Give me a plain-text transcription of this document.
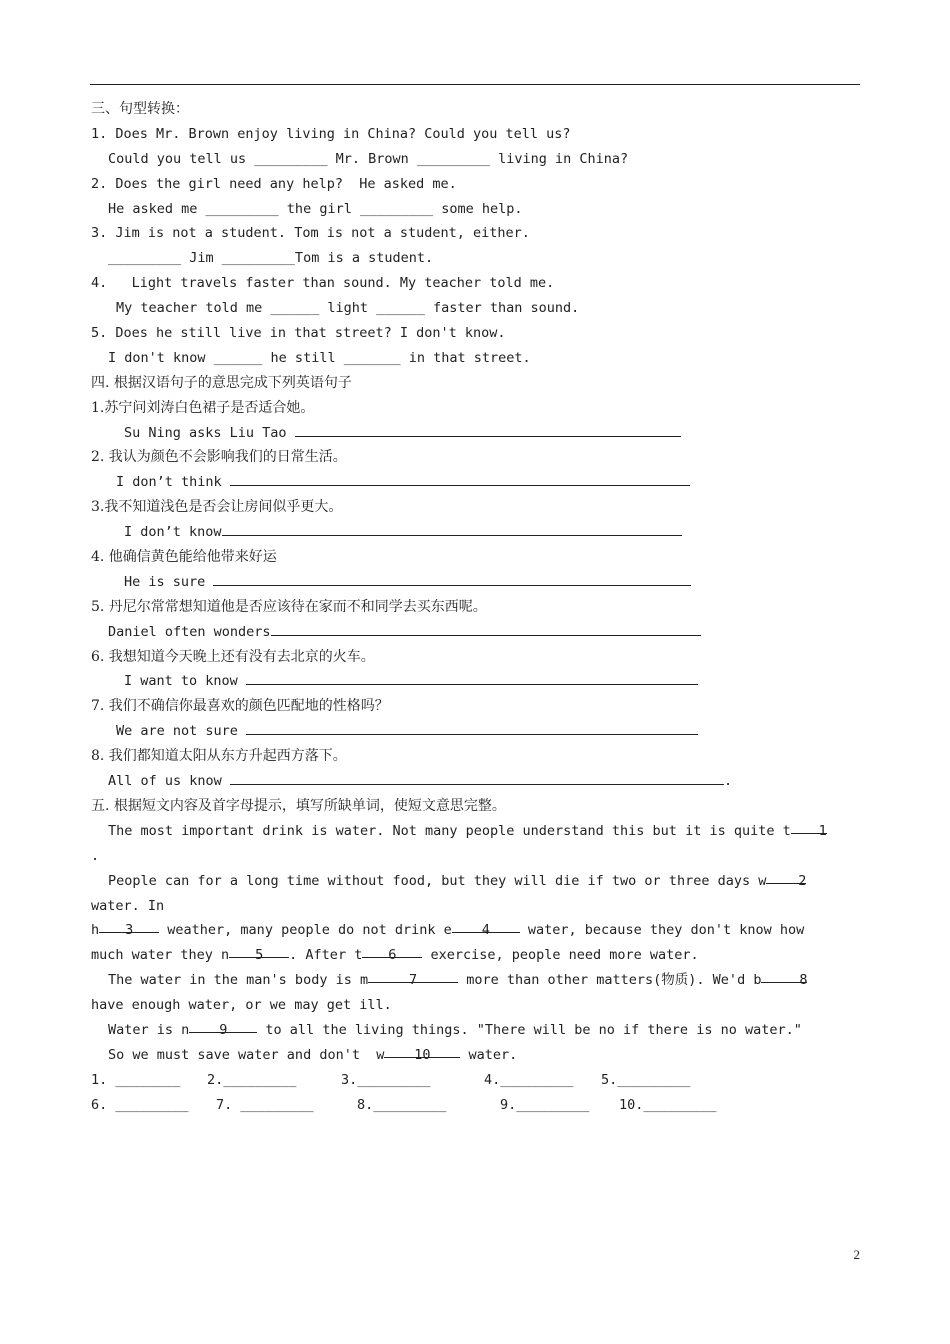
三、句型转换：
1. Does Mr. Brown enjoy living in China? Could you tell us?
Could you tell us _________ Mr. Brown _________ living in China?
2. Does the girl need any help?  He asked me.
He asked me _________ the girl _________ some help.
3. Jim is not a student. Tom is not a student, either.
_________ Jim _________Tom is a student.
4.   Light travels faster than sound. My teacher told me.
My teacher told me ______ light ______ faster than sound.
5. Does he still live in that street? I don't know.
I don't know ______ he still _______ in that street.
四. 根据汉语句子的意思完成下列英语句子
1.苏宁问刘涛白色裙子是否适合她。
Su Ning asks Liu Tao
2. 我认为颜色不会影响我们的日常生活。
I don’t think
3.我不知道浅色是否会让房间似乎更大。
I don’t know
4. 他确信黄色能给他带来好运
He is sure
5. 丹尼尔常常想知道他是否应该待在家而不和同学去买东西呢。
Daniel often wonders
6. 我想知道今天晚上还有没有去北京的火车。
I want to know
7. 我们不确信你最喜欢的颜色匹配地的性格吗？
We are not sure
8. 我们都知道太阳从东方升起西方落下。
All of us know	.
五. 根据短文内容及首字母提示，填写所缺单词，使短文意思完整。
The most important drink is water. Not many people understand this but it is quite t 1
.
People can for a long time without food, but they will die if two or three days w 2
water. In
h 3	weather, many people do not drink e 4	water, because they don't know how
much water they n 5 . After t 6	exercise, people need more water.
The water in the man's body is m	7	more than other matters(物质). We'd b	8
have enough water, or we may get ill.
Water is n 9	to all the living things. "There will be no if there is no water."
So we must save water and don't  w 10	water.
1. ________ 2._________	3._________	4._________ 5._________
6. _________ 7. _________	8._________	9._________ 10._________
2
